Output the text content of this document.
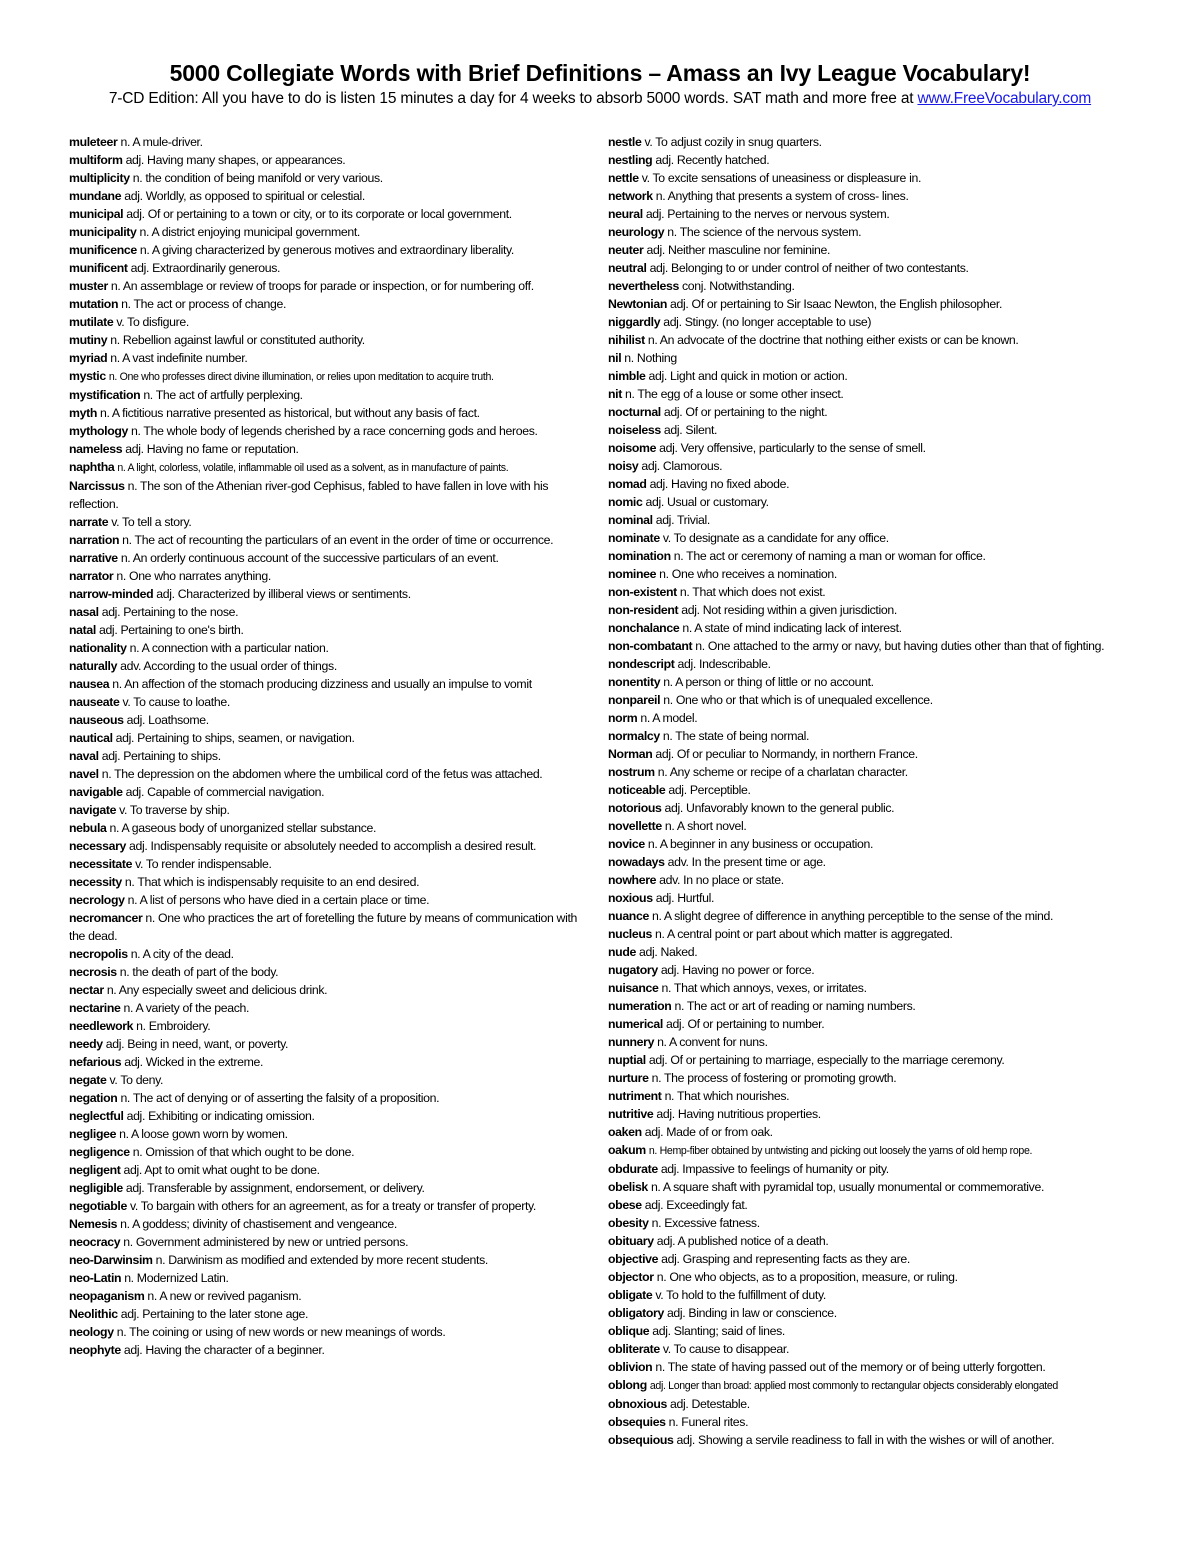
5000 Collegiate Words with Brief Definitions – Amass an Ivy League Vocabulary!

7-CD Edition: All you have to do is listen 15 minutes a day for 4 weeks to absorb 5000 words. SAT math and more free at www.FreeVocabulary.com

muleteer n. A mule-driver.

multiform adj. Having many shapes, or appearances.

multiplicity n. the condition of being manifold or very various.

mundane adj. Worldly, as opposed to spiritual or celestial.

municipal adj. Of or pertaining to a town or city, or to its corporate or local government.

municipality n. A district enjoying municipal government.

munificence n. A giving characterized by generous motives and extraordinary liberality.

munificent adj. Extraordinarily generous.

muster n. An assemblage or review of troops for parade or inspection, or for numbering off.

mutation n. The act or process of change.

mutilate v. To disfigure.

mutiny n. Rebellion against lawful or constituted authority.

myriad n. A vast indefinite number.

mystic n. One who professes direct divine illumination, or relies upon meditation to acquire truth.

mystification n. The act of artfully perplexing.

myth n. A fictitious narrative presented as historical, but without any basis of fact.

mythology n. The whole body of legends cherished by a race concerning gods and heroes.

nameless adj. Having no fame or reputation.

naphtha n. A light, colorless, volatile, inflammable oil used as a solvent, as in manufacture of paints.

Narcissus n. The son of the Athenian river-god Cephisus, fabled to have fallen in love with his reflection.

narrate v. To tell a story.

narration n. The act of recounting the particulars of an event in the order of time or occurrence.

narrative n. An orderly continuous account of the successive particulars of an event.

narrator n. One who narrates anything.

narrow-minded adj. Characterized by illiberal views or sentiments.

nasal adj. Pertaining to the nose.

natal adj. Pertaining to one's birth.

nationality n. A connection with a particular nation.

naturally adv. According to the usual order of things.

nausea n. An affection of the stomach producing dizziness and usually an impulse to vomit

nauseate v. To cause to loathe.

nauseous adj. Loathsome.

nautical adj. Pertaining to ships, seamen, or navigation.

naval adj. Pertaining to ships.

navel n. The depression on the abdomen where the umbilical cord of the fetus was attached.

navigable adj. Capable of commercial navigation.

navigate v. To traverse by ship.

nebula n. A gaseous body of unorganized stellar substance.

necessary adj. Indispensably requisite or absolutely needed to accomplish a desired result.

necessitate v. To render indispensable.

necessity n. That which is indispensably requisite to an end desired.

necrology n. A list of persons who have died in a certain place or time.

necromancer n. One who practices the art of foretelling the future by means of communication with the dead.

necropolis n. A city of the dead.

necrosis n. the death of part of the body.

nectar n. Any especially sweet and delicious drink.

nectarine n. A variety of the peach.

needlework n. Embroidery.

needy adj. Being in need, want, or poverty.

nefarious adj. Wicked in the extreme.

negate v. To deny.

negation n. The act of denying or of asserting the falsity of a proposition.

neglectful adj. Exhibiting or indicating omission.

negligee n. A loose gown worn by women.

negligence n. Omission of that which ought to be done.

negligent adj. Apt to omit what ought to be done.

negligible adj. Transferable by assignment, endorsement, or delivery.

negotiable v. To bargain with others for an agreement, as for a treaty or transfer of property.

Nemesis n. A goddess; divinity of chastisement and vengeance.

neocracy n. Government administered by new or untried persons.

neo-Darwinsim n. Darwinism as modified and extended by more recent students.

neo-Latin n. Modernized Latin.

neopaganism n. A new or revived paganism.

Neolithic adj. Pertaining to the later stone age.

neology n. The coining or using of new words or new meanings of words.

neophyte adj. Having the character of a beginner.

nestle v. To adjust cozily in snug quarters.

nestling adj. Recently hatched.

nettle v. To excite sensations of uneasiness or displeasure in.

network n. Anything that presents a system of cross- lines.

neural adj. Pertaining to the nerves or nervous system.

neurology n. The science of the nervous system.

neuter adj. Neither masculine nor feminine.

neutral adj. Belonging to or under control of neither of two contestants.

nevertheless conj. Notwithstanding.

Newtonian adj. Of or pertaining to Sir Isaac Newton, the English philosopher.

niggardly adj. Stingy. (no longer acceptable to use)

nihilist n. An advocate of the doctrine that nothing either exists or can be known.

nil n. Nothing

nimble adj. Light and quick in motion or action.

nit n. The egg of a louse or some other insect.

nocturnal adj. Of or pertaining to the night.

noiseless adj. Silent.

noisome adj. Very offensive, particularly to the sense of smell.

noisy adj. Clamorous.

nomad adj. Having no fixed abode.

nomic adj. Usual or customary.

nominal adj. Trivial.

nominate v. To designate as a candidate for any office.

nomination n. The act or ceremony of naming a man or woman for office.

nominee n. One who receives a nomination.

non-existent n. That which does not exist.

non-resident adj. Not residing within a given jurisdiction.

nonchalance n. A state of mind indicating lack of interest.

non-combatant n. One attached to the army or navy, but having duties other than that of fighting.

nondescript adj. Indescribable.

nonentity n. A person or thing of little or no account.

nonpareil n. One who or that which is of unequaled excellence.

norm n. A model.

normalcy n. The state of being normal.

Norman adj. Of or peculiar to Normandy, in northern France.

nostrum n. Any scheme or recipe of a charlatan character.

noticeable adj. Perceptible.

notorious adj. Unfavorably known to the general public.

novellette n. A short novel.

novice n. A beginner in any business or occupation.

nowadays adv. In the present time or age.

nowhere adv. In no place or state.

noxious adj. Hurtful.

nuance n. A slight degree of difference in anything perceptible to the sense of the mind.

nucleus n. A central point or part about which matter is aggregated.

nude adj. Naked.

nugatory adj. Having no power or force.

nuisance n. That which annoys, vexes, or irritates.

numeration n. The act or art of reading or naming numbers.

numerical adj. Of or pertaining to number.

nunnery n. A convent for nuns.

nuptial adj. Of or pertaining to marriage, especially to the marriage ceremony.

nurture n. The process of fostering or promoting growth.

nutriment n. That which nourishes.

nutritive adj. Having nutritious properties.

oaken adj. Made of or from oak.

oakum n. Hemp-fiber obtained by untwisting and picking out loosely the yarns of old hemp rope.

obdurate adj. Impassive to feelings of humanity or pity.

obelisk n. A square shaft with pyramidal top, usually monumental or commemorative.

obese adj. Exceedingly fat.

obesity n. Excessive fatness.

obituary adj. A published notice of a death.

objective adj. Grasping and representing facts as they are.

objector n. One who objects, as to a proposition, measure, or ruling.

obligate v. To hold to the fulfillment of duty.

obligatory adj. Binding in law or conscience.

oblique adj. Slanting; said of lines.

obliterate v. To cause to disappear.

oblivion n. The state of having passed out of the memory or of being utterly forgotten.

oblong adj. Longer than broad: applied most commonly to rectangular objects considerably elongated

obnoxious adj. Detestable.

obsequies n. Funeral rites.

obsequious adj. Showing a servile readiness to fall in with the wishes or will of another.
